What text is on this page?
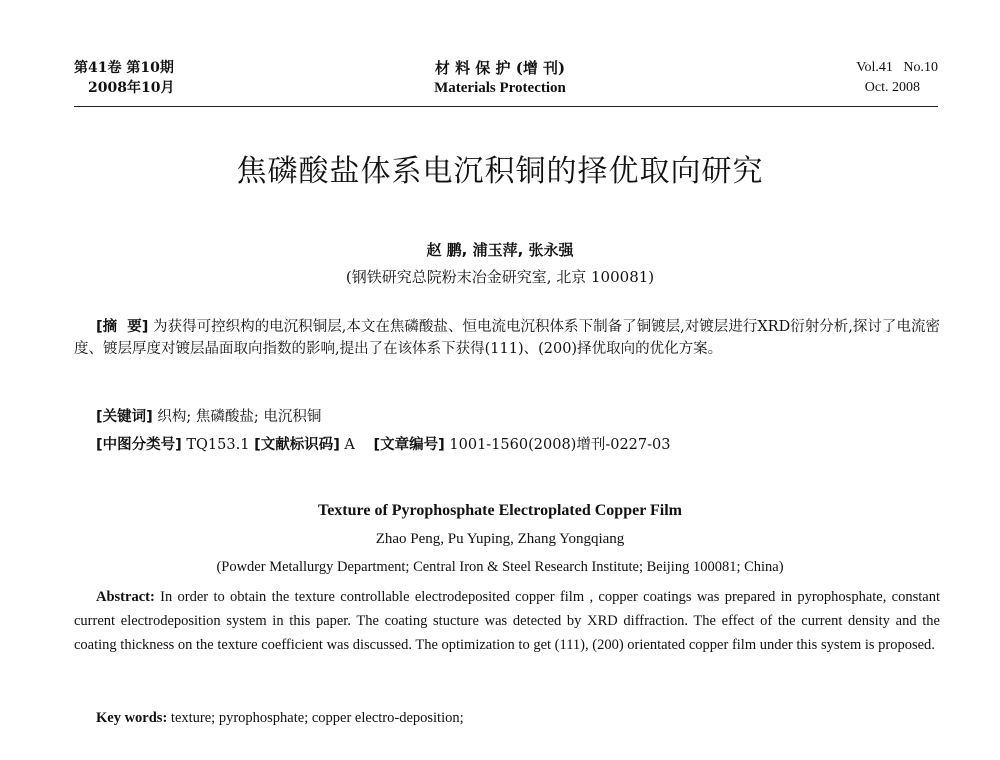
第41卷 第10期
2008年10月
材 料 保 护 (增 刊)
Materials Protection
Vol.41   No.10
Oct. 2008
焦磷酸盐体系电沉积铜的择优取向研究
赵 鹏, 浦玉萍, 张永强
(钢铁研究总院粉末冶金研究室, 北京 100081)
[摘  要] 为获得可控织构的电沉积铜层,本文在焦磷酸盐、恒电流电沉积体系下制备了铜镀层,对镀层进行XRD衍射分析,探讨了电流密度、镀层厚度对镀层晶面取向指数的影响,提出了在该体系下获得(111)、(200)择优取向的优化方案。
[关键词] 织构; 焦磷酸盐; 电沉积铜
[中图分类号] TQ153.1 [文献标识码] A [文章编号] 1001-1560(2008)增刊-0227-03
Texture of Pyrophosphate Electroplated Copper Film
Zhao Peng, Pu Yuping, Zhang Yongqiang
(Powder Metallurgy Department; Central Iron & Steel Research Institute; Beijing 100081; China)
Abstract: In order to obtain the texture controllable electrodeposited copper film , copper coatings was prepared in pyrophosphate, constant current electrodeposition system in this paper. The coating stucture was detected by XRD diffraction. The effect of the current density and the coating thickness on the texture coefficient was discussed. The optimization to get (111), (200) orientated copper film under this system is proposed.
Key words: texture; pyrophosphate; copper electro-deposition;
